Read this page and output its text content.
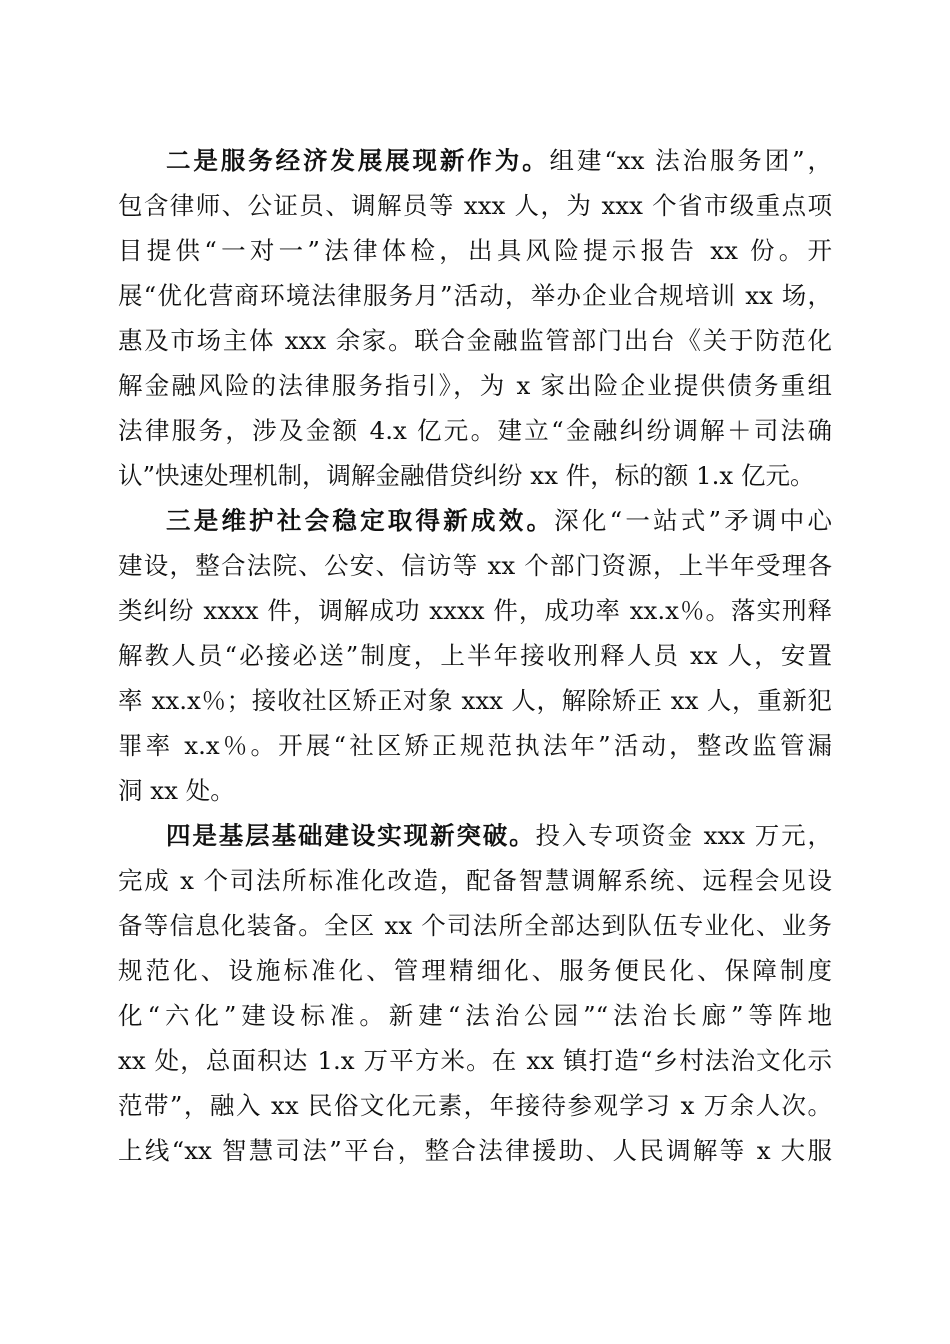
二是服务经济发展展现新作为。组建“xx 法治服务团”，
包含律师、公证员、调解员等 xxx 人，为 xxx 个省市级重点项
目提供“一对一”法律体检，出具风险提示报告 xx 份。开
展“优化营商环境法律服务月”活动，举办企业合规培训 xx 场，
惠及市场主体 xxx 余家。联合金融监管部门出台《关于防范化
解金融风险的法律服务指引》，为 x 家出险企业提供债务重组
法律服务，涉及金额 4.x 亿元。建立“金融纠纷调解＋司法确
认”快速处理机制，调解金融借贷纠纷 xx 件，标的额 1.x 亿元。
三是维护社会稳定取得新成效。深化“一站式”矛调中心
建设，整合法院、公安、信访等 xx 个部门资源，上半年受理各
类纠纷 xxxx 件，调解成功 xxxx 件，成功率 xx.x％。落实刑释
解教人员“必接必送”制度，上半年接收刑释人员 xx 人，安置
率 xx.x％；接收社区矫正对象 xxx 人，解除矫正 xx 人，重新犯
罪率 x.x％。开展“社区矫正规范执法年”活动，整改监管漏
洞 xx 处。
四是基层基础建设实现新突破。投入专项资金 xxx 万元，
完成 x 个司法所标准化改造，配备智慧调解系统、远程会见设
备等信息化装备。全区 xx 个司法所全部达到队伍专业化、业务
规范化、设施标准化、管理精细化、服务便民化、保障制度
化“六化”建设标准。新建“法治公园”“法治长廊”等阵地
xx 处，总面积达 1.x 万平方米。在 xx 镇打造“乡村法治文化示
范带”，融入 xx 民俗文化元素，年接待参观学习 x 万余人次。
上线“xx 智慧司法”平台，整合法律援助、人民调解等 x 大服
